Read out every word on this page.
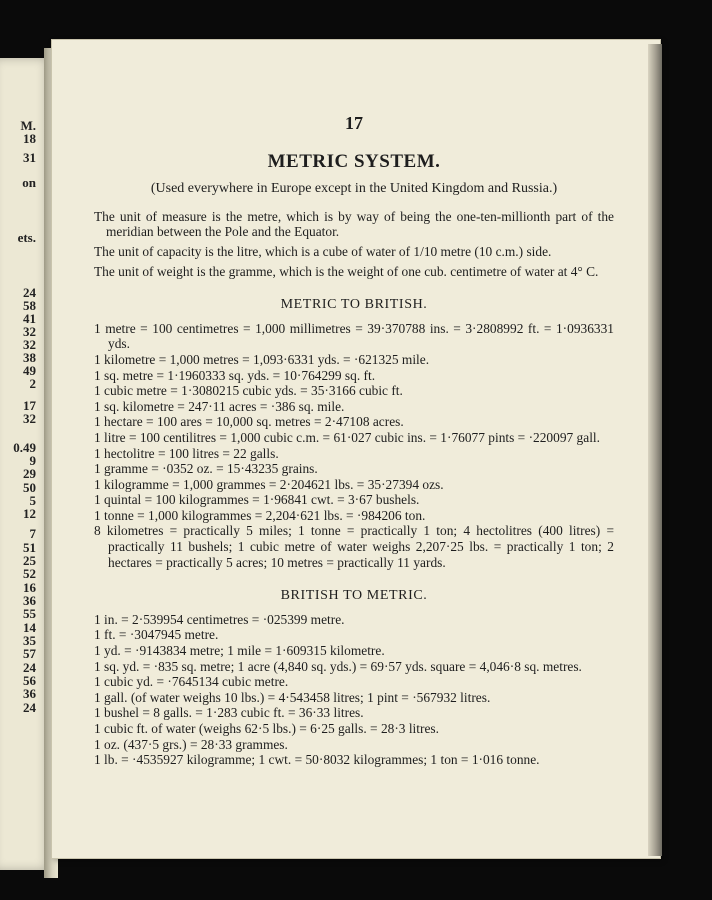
M.
18
31
on
ets.
24
58
41
32
32
38
49
2
17
32
0.49
9
29
50
5
12
7
51
25
52
16
36
55
14
35
57
24
56
36
24
17
METRIC SYSTEM.
(Used everywhere in Europe except in the United Kingdom and Russia.)

The unit of measure is the metre, which is by way of being the one-ten-millionth part of the meridian between the Pole and the Equator.

The unit of capacity is the litre, which is a cube of water of 1/10 metre (10 c.m.) side.

The unit of weight is the gramme, which is the weight of one cub. centimetre of water at 4° C.

METRIC TO BRITISH.

1 metre = 100 centimetres = 1,000 millimetres = 39·370788 ins. = 3·2808992 ft. = 1·0936331 yds.

1 kilometre = 1,000 metres = 1,093·6331 yds. = ·621325 mile.

1 sq. metre = 1·1960333 sq. yds. = 10·764299 sq. ft.

1 cubic metre = 1·3080215 cubic yds. = 35·3166 cubic ft.

1 sq. kilometre = 247·11 acres = ·386 sq. mile.

1 hectare = 100 ares = 10,000 sq. metres = 2·47108 acres.

1 litre = 100 centilitres = 1,000 cubic c.m. = 61·027 cubic ins. = 1·76077 pints = ·220097 gall.

1 hectolitre = 100 litres = 22 galls.

1 gramme = ·0352 oz. = 15·43235 grains.

1 kilogramme = 1,000 grammes = 2·204621 lbs. = 35·27394 ozs.

1 quintal = 100 kilogrammes = 1·96841 cwt. = 3·67 bushels.

1 tonne = 1,000 kilogrammes = 2,204·621 lbs. = ·984206 ton.

8 kilometres = practically 5 miles; 1 tonne = practically 1 ton; 4 hectolitres (400 litres) = practically 11 bushels; 1 cubic metre of water weighs 2,207·25 lbs. = practically 1 ton; 2 hectares = practically 5 acres; 10 metres = practically 11 yards.

BRITISH TO METRIC.

1 in. = 2·539954 centimetres = ·025399 metre.

1 ft. = ·3047945 metre.

1 yd. = ·9143834 metre; 1 mile = 1·609315 kilometre.

1 sq. yd. = ·835 sq. metre; 1 acre (4,840 sq. yds.) = 69·57 yds. square = 4,046·8 sq. metres.

1 cubic yd. = ·7645134 cubic metre.

1 gall. (of water weighs 10 lbs.) = 4·543458 litres; 1 pint = ·567932 litres.

1 bushel = 8 galls. = 1·283 cubic ft. = 36·33 litres.

1 cubic ft. of water (weighs 62·5 lbs.) = 6·25 galls. = 28·3 litres.

1 oz. (437·5 grs.) = 28·33 grammes.

1 lb. = ·4535927 kilogramme; 1 cwt. = 50·8032 kilogrammes; 1 ton = 1·016 tonne.
